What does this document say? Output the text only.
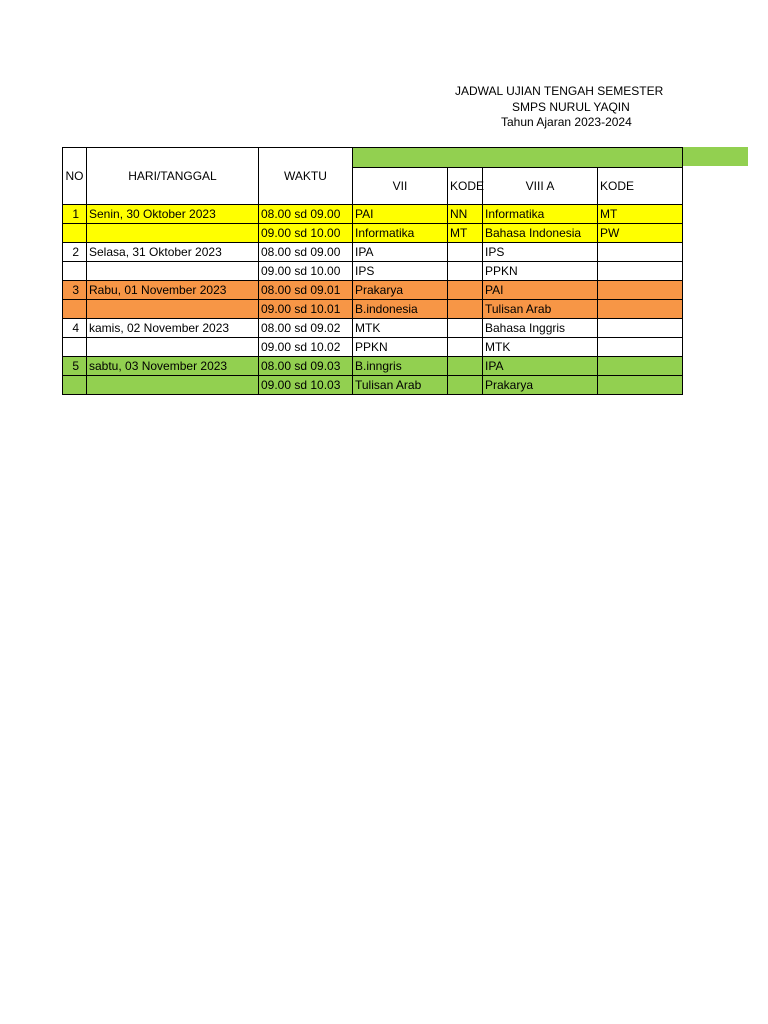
JADWAL UJIAN TENGAH SEMESTER
SMPS NURUL YAQIN
Tahun Ajaran 2023-2024
NO	HARI/TANGGAL	WAKTU				
			VII	KODE	VIII A	KODE
1	Senin, 30 Oktober 2023	08.00 sd 09.00	PAI	NN	Informatika	MT
		09.00 sd 10.00	Informatika	MT	Bahasa Indonesia	PW
2	Selasa, 31 Oktober 2023	08.00 sd 09.00	IPA		IPS	
		09.00 sd 10.00	IPS		PPKN	
3	Rabu, 01 November 2023	08.00 sd 09.01	Prakarya		PAI	
		09.00 sd 10.01	B.indonesia		Tulisan Arab	
4	kamis, 02 November 2023	08.00 sd 09.02	MTK		Bahasa Inggris	
		09.00 sd 10.02	PPKN		MTK	
5	sabtu, 03 November 2023	08.00 sd 09.03	B.inngris		IPA	
		09.00 sd 10.03	Tulisan Arab		Prakarya	
